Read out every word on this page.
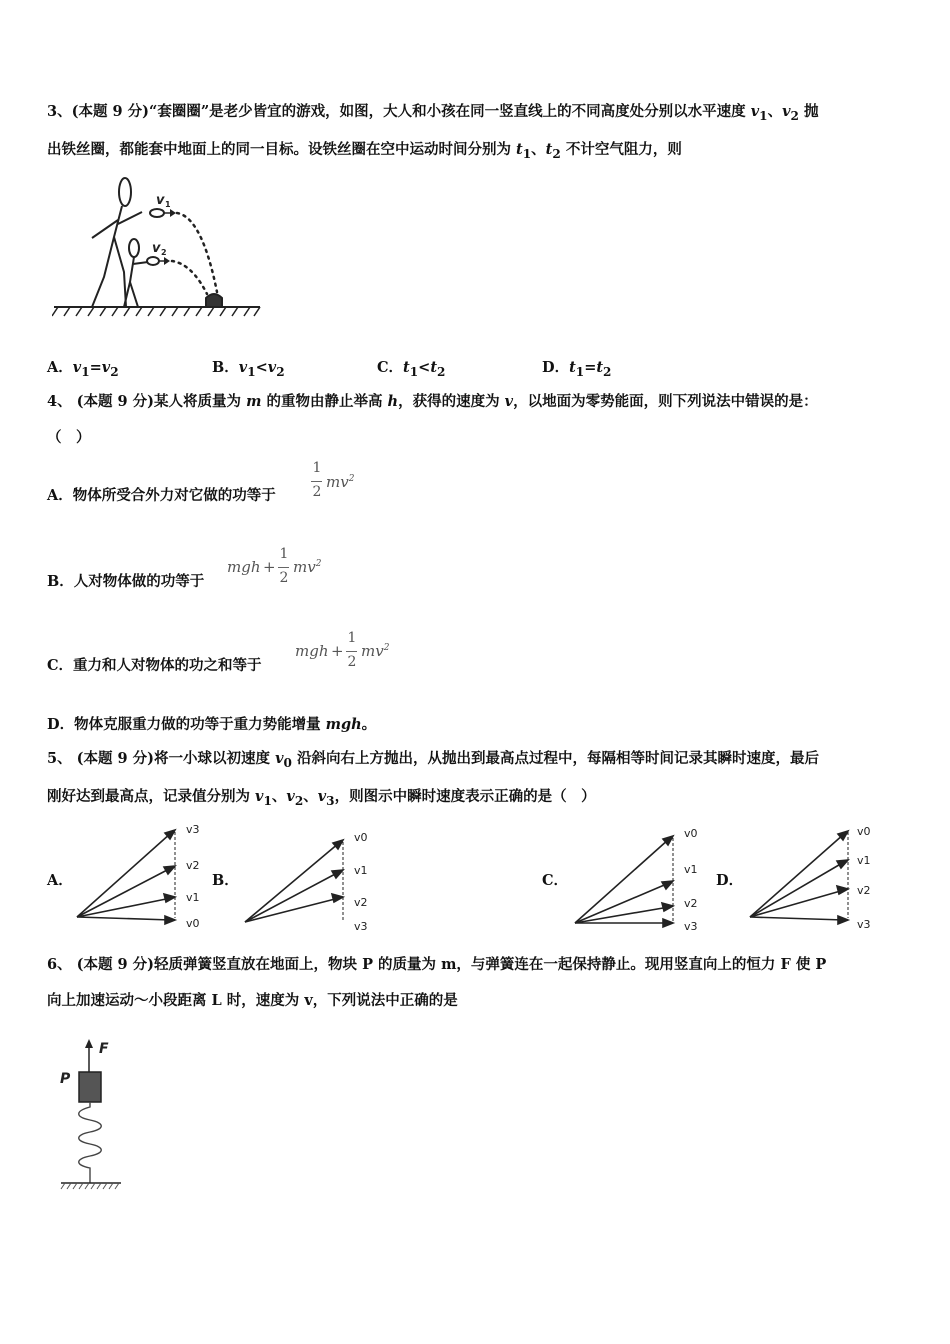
3、(本题 9 分)“套圈圈”是老少皆宜的游戏，如图，大人和小孩在同一竖直线上的不同高度处分别以水平速度 $v_1$、$v_2$ 抛
出铁丝圈，都能套中地面上的同一目标。设铁丝圈在空中运动时间分别为 $t_1$、$t_2$ 不计空气阻力，则
v 1
v 2
A．$v_1=v_2$	B．$v_1<v_2$	C．$t_1<t_2$	D．$t_1=t_2$
4、 (本题 9 分)某人将质量为 m 的重物由静止举高 h，获得的速度为 v，以地面为零势能面，则下列说法中错误的是：
（　）
A．物体所受合外力对它做的功等于
1
2
$mv^2$
B．人对物体做的功等于
mgh +
1
2
$mv^2$
C．重力和人对物体的功之和等于
mgh +
1
2
$mv^2$
D．物体克服重力做的功等于重力势能增量 mgh。
5、 (本题 9 分)将一小球以初速度 $v_0$ 沿斜向右上方抛出，从抛出到最高点过程中，每隔相等时间记录其瞬时速度，最后
刚好达到最高点，记录值分别为 $v_1$、$v_2$、$v_3$，则图示中瞬时速度表示正确的是（　）
A．	B．	C．	D．
v3
v2
v1
v0
v0
v1
v2
v3
v0
v1
v2
v3
v0
v1
v2
v3
6、 (本题 9 分)轻质弹簧竖直放在地面上，物块 P 的质量为 m，与弹簧连在一起保持静止。现用竖直向上的恒力 F 使 P
向上加速运动～小段距离 L 时，速度为 v，下列说法中正确的是
F
P
